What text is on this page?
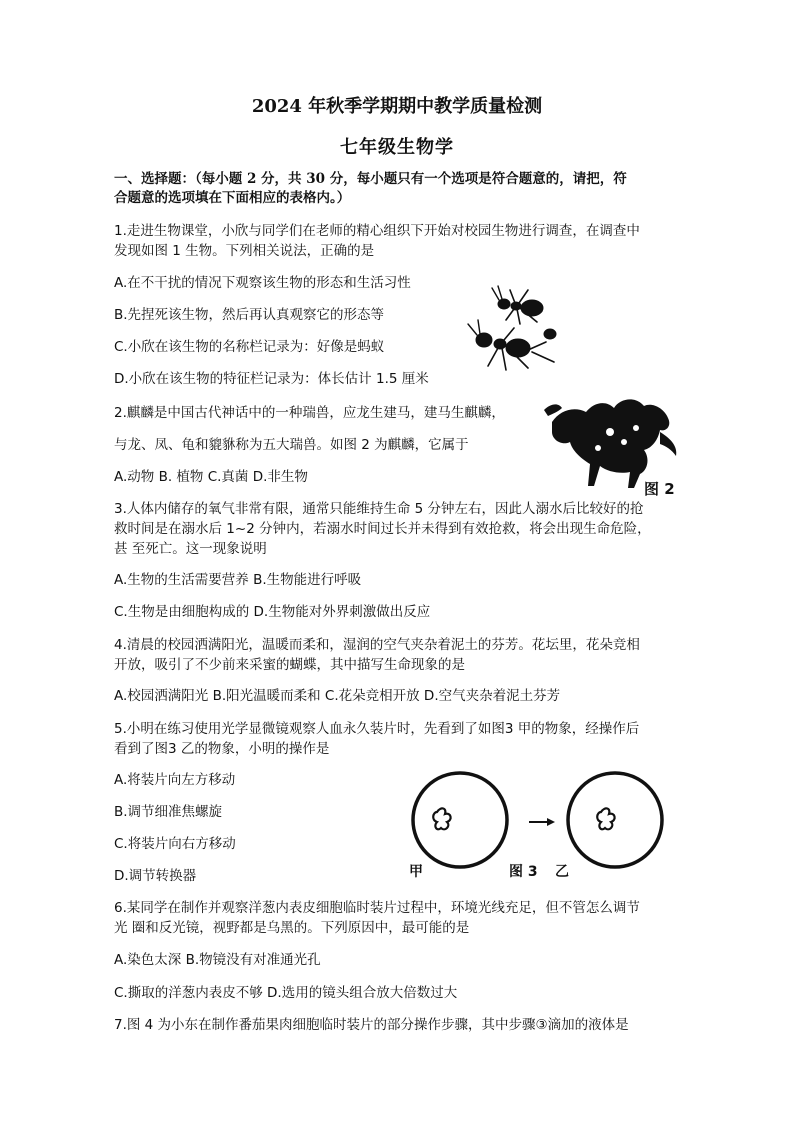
2024 年秋季学期期中教学质量检测
七年级生物学
一、选择题：（每小题 2 分，共 30 分，每小题只有一个选项是符合题意的，请把，符
合题意的选项填在下面相应的表格内。）
1.走进生物课堂，小欣与同学们在老师的精心组织下开始对校园生物进行调查，在调查中
发现如图 1 生物。下列相关说法，正确的是
A.在不干扰的情况下观察该生物的形态和生活习性
B.先捏死该生物，然后再认真观察它的形态等
C.小欣在该生物的名称栏记录为：好像是蚂蚁
D.小欣在该生物的特征栏记录为：体长估计 1.5 厘米
2.麒麟是中国古代神话中的一种瑞兽，应龙生建马，建马生麒麟，
与龙、凤、龟和貔貅称为五大瑞兽。如图 2 为麒麟，它属于
A.动物 B. 植物 C.真菌 D.非生物
图 2
3.人体内储存的氧气非常有限，通常只能维持生命 5 分钟左右，因此人溺水后比较好的抢
救时间是在溺水后 1~2 分钟内，若溺水时间过长并未得到有效抢救，将会出现生命危险，
甚 至死亡。这一现象说明
A.生物的生活需要营养 B.生物能进行呼吸
C.生物是由细胞构成的 D.生物能对外界刺激做出反应
4.清晨的校园洒满阳光，温暖而柔和，湿润的空气夹杂着泥土的芬芳。花坛里，花朵竞相
开放，吸引了不少前来采蜜的蝴蝶，其中描写生命现象的是
A.校园洒满阳光 B.阳光温暖而柔和 C.花朵竞相开放 D.空气夹杂着泥土芬芳
5.小明在练习使用光学显微镜观察人血永久装片时，先看到了如图3 甲的物象，经操作后
看到了图3 乙的物象，小明的操作是
A.将装片向左方移动
B.调节细准焦螺旋
C.将装片向右方移动
D.调节转换器	甲	图 3 乙
6.某同学在制作并观察洋葱内表皮细胞临时装片过程中，环境光线充足，但不管怎么调节
光 圈和反光镜，视野都是乌黑的。下列原因中，最可能的是
A.染色太深 B.物镜没有对准通光孔
C.撕取的洋葱内表皮不够 D.选用的镜头组合放大倍数过大
7.图 4 为小东在制作番茄果肉细胞临时装片的部分操作步骤，其中步骤③滴加的液体是
